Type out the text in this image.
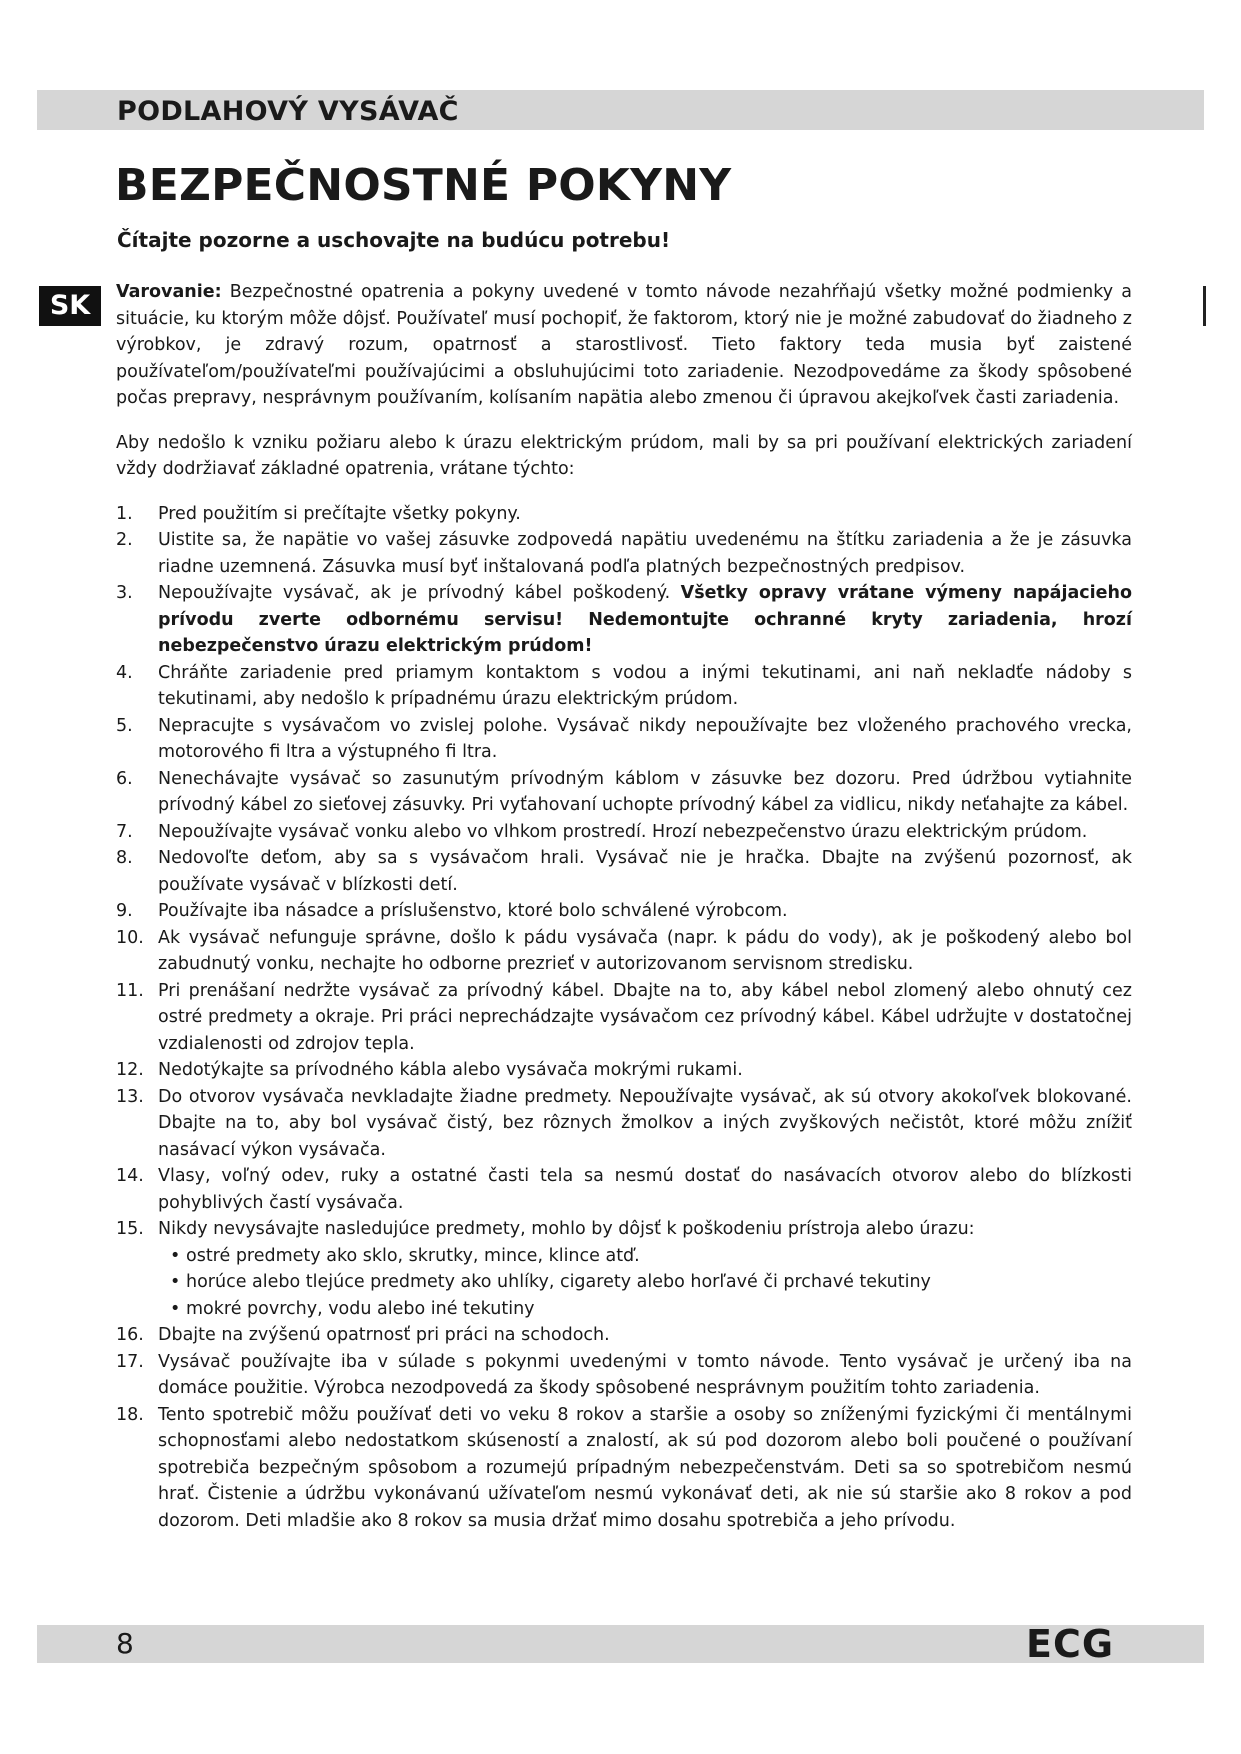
PODLAHOVÝ VYSÁVAČ
BEZPEČNOSTNÉ POKYNY

Čítajte pozorne a uschovajte na budúcu potrebu!

SK	Varovanie: Bezpečnostné opatrenia a pokyny uvedené v tomto návode nezahŕňajú všetky možné podmienky a situácie, ku ktorým môže dôjsť. Používateľ musí pochopiť, že faktorom, ktorý nie je možné zabudovať do žiadneho z výrobkov, je zdravý rozum, opatrnosť a starostlivosť. Tieto faktory teda musia byť zaistené používateľom/používateľmi používajúcimi a obsluhujúcimi toto zariadenie. Nezodpovedáme za škody spôsobené počas prepravy, nesprávnym používaním, kolísaním napätia alebo zmenou či úpravou akejkoľvek časti zariadenia.

Aby nedošlo k vzniku požiaru alebo k úrazu elektrickým prúdom, mali by sa pri používaní elektrických zariadení vždy dodržiavať základné opatrenia, vrátane týchto:

1. Pred použitím si prečítajte všetky pokyny.
2. Uistite sa, že napätie vo vašej zásuvke zodpovedá napätiu uvedenému na štítku zariadenia a že je zásuvka riadne uzemnená. Zásuvka musí byť inštalovaná podľa platných bezpečnostných predpisov.
3. Nepoužívajte vysávač, ak je prívodný kábel poškodený. Všetky opravy vrátane výmeny napájacieho prívodu zverte odbornému servisu! Nedemontujte ochranné kryty zariadenia, hrozí nebezpečenstvo úrazu elektrickým prúdom!
4. Chráňte zariadenie pred priamym kontaktom s vodou a inými tekutinami, ani naň nekladťe nádoby s tekutinami, aby nedošlo k prípadnému úrazu elektrickým prúdom.
5. Nepracujte s vysávačom vo zvislej polohe. Vysávač nikdy nepoužívajte bez vloženého prachového vrecka, motorového fi ltra a výstupného fi ltra.
6. Nenechávajte vysávač so zasunutým prívodným káblom v zásuvke bez dozoru. Pred údržbou vytiahnite prívodný kábel zo sieťovej zásuvky. Pri vyťahovaní uchopte prívodný kábel za vidlicu, nikdy neťahajte za kábel.
7. Nepoužívajte vysávač vonku alebo vo vlhkom prostredí. Hrozí nebezpečenstvo úrazu elektrickým prúdom.
8. Nedovoľte deťom, aby sa s vysávačom hrali. Vysávač nie je hračka. Dbajte na zvýšenú pozornosť, ak používate vysávač v blízkosti detí.
9. Používajte iba násadce a príslušenstvo, ktoré bolo schválené výrobcom.
10. Ak vysávač nefunguje správne, došlo k pádu vysávača (napr. k pádu do vody), ak je poškodený alebo bol zabudnutý vonku, nechajte ho odborne prezrieť v autorizovanom servisnom stredisku.
11. Pri prenášaní nedržte vysávač za prívodný kábel. Dbajte na to, aby kábel nebol zlomený alebo ohnutý cez ostré predmety a okraje. Pri práci neprechádzajte vysávačom cez prívodný kábel. Kábel udržujte v dostatočnej vzdialenosti od zdrojov tepla.
12. Nedotýkajte sa prívodného kábla alebo vysávača mokrými rukami.
13. Do otvorov vysávača nevkladajte žiadne predmety. Nepoužívajte vysávač, ak sú otvory akokoľvek blokované. Dbajte na to, aby bol vysávač čistý, bez rôznych žmolkov a iných zvyškových nečistôt, ktoré môžu znížiť nasávací výkon vysávača.
14. Vlasy, voľný odev, ruky a ostatné časti tela sa nesmú dostať do nasávacích otvorov alebo do blízkosti pohyblivých častí vysávača.
15. Nikdy nevysávajte nasledujúce predmety, mohlo by dôjsť k poškodeniu prístroja alebo úrazu:
• ostré predmety ako sklo, skrutky, mince, klince atď.
• horúce alebo tlejúce predmety ako uhlíky, cigarety alebo horľavé či prchavé tekutiny
• mokré povrchy, vodu alebo iné tekutiny
16. Dbajte na zvýšenú opatrnosť pri práci na schodoch.
17. Vysávač používajte iba v súlade s pokynmi uvedenými v tomto návode. Tento vysávač je určený iba na domáce použitie. Výrobca nezodpovedá za škody spôsobené nesprávnym použitím tohto zariadenia.
18. Tento spotrebič môžu používať deti vo veku 8 rokov a staršie a osoby so zníženými fyzickými či mentálnymi schopnosťami alebo nedostatkom skúseností a znalostí, ak sú pod dozorom alebo boli poučené o používaní spotrebiča bezpečným spôsobom a rozumejú prípadným nebezpečenstvám. Deti sa so spotrebičom nesmú hrať. Čistenie a údržbu vykonávanú užívateľom nesmú vykonávať deti, ak nie sú staršie ako 8 rokov a pod dozorom. Deti mladšie ako 8 rokov sa musia držať mimo dosahu spotrebiča a jeho prívodu.
8	ECG
